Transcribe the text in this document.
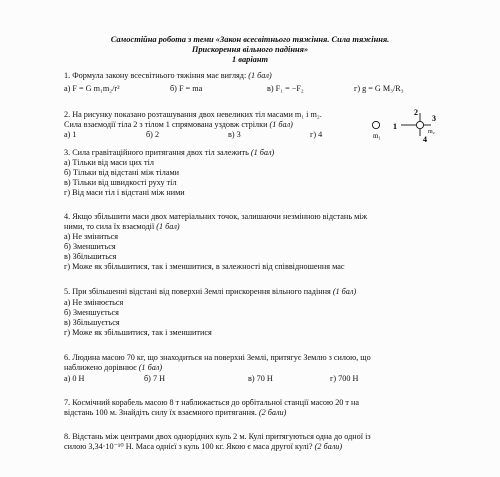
Самостійна робота з теми «Закон всесвітнього тяжіння. Сила тяжіння.
Прискорення вільного падіння»
1 варіант
1. Формула закону всесвітнього тяжіння має вигляд: (1 бал)
а) F = G m₁m₂/r²	б) F = ma	в) F₁ = −F₂	г) g = G M₃/R₃
2. На рисунку показано розташування двох невеликих тіл масами m₁ і m₂.
Сила взаємодії тіла 2 з тілом 1 спрямована уздовж стрілки (1 бал)
а) 1	б) 2	в) 3	г) 4	m₁
1
2
3
4
m₂
3. Сила гравітаційного притягання двох тіл залежить (1 бал)
а) Тільки від маси цих тіл
б) Тільки від відстані між тілами
в) Тільки від швидкості руху тіл
г) Від маси тіл і відстані між ними
4. Якщо збільшити маси двох матеріальних точок, залишаючи незмінною відстань між
ними, то сила їх взаємодії (1 бал)
а) Не зміниться
б) Зменшиться
в) Збільшиться
г) Може як збільшитися, так і зменшитися, в залежності від співвідношення мас
5. При збільшенні відстані від поверхні Землі прискорення вільного падіння (1 бал)
а) Не змінюється
б) Зменшується
в) Збільшується
г) Може як збільшитися, так і зменшитися
6. Людина масою 70 кг, що знаходиться на поверхні Землі, притягує Землю з силою, що
наближено дорівнює (1 бал)
а) 0 Н	б) 7 Н	в) 70 Н	г) 700 Н
7. Космічний корабель масою 8 т наближається до орбітальної станції масою 20 т на
відстань 100 м. Знайдіть силу їх взаємного притягання. (2 бали)
8. Відстань між центрами двох однорідних куль 2 м. Кулі притягуються одна до одної із
силою 3,34·10⁻¹⁰ Н. Маса однієї з куль 100 кг. Якою є маса другої кулі? (2 бали)
